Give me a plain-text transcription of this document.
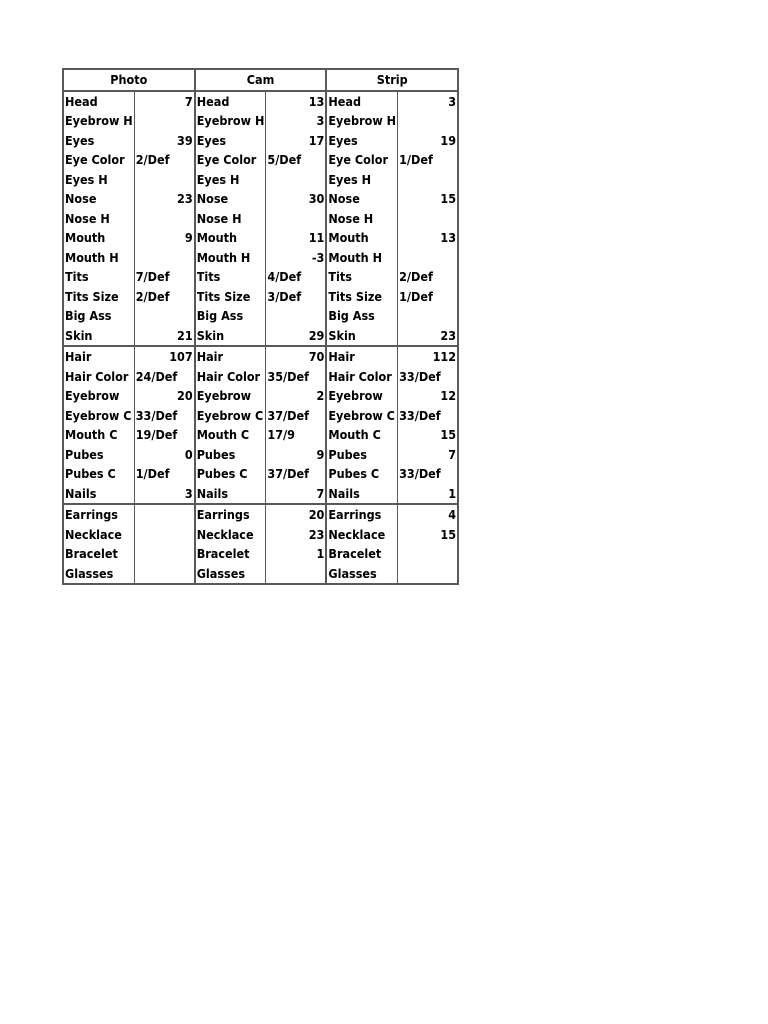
Photo		Cam		Strip	

Head	7	Head	13	Head	3

Eyebrow H		Eyebrow H	3	Eyebrow H	

Eyes	39	Eyes	17	Eyes	19

Eye Color	2/Def	Eye Color	5/Def	Eye Color	1/Def

Eyes H		Eyes H		Eyes H	

Nose	23	Nose	30	Nose	15

Nose H		Nose H		Nose H	

Mouth	9	Mouth	11	Mouth	13

Mouth H		Mouth H	-3	Mouth H	

Tits	7/Def	Tits	4/Def	Tits	2/Def

Tits Size	2/Def	Tits Size	3/Def	Tits Size	1/Def

Big Ass		Big Ass		Big Ass	

Skin	21	Skin	29	Skin	23

Hair	107	Hair	70	Hair	112

Hair Color	24/Def	Hair Color	35/Def	Hair Color	33/Def

Eyebrow	20	Eyebrow	2	Eyebrow	12

Eyebrow C	33/Def	Eyebrow C	37/Def	Eyebrow C	33/Def

Mouth C	19/Def	Mouth C	17/9	Mouth C	15

Pubes	0	Pubes	9	Pubes	7

Pubes C	1/Def	Pubes C	37/Def	Pubes C	33/Def

Nails	3	Nails	7	Nails	1

Earrings		Earrings	20	Earrings	4

Necklace		Necklace	23	Necklace	15

Bracelet		Bracelet	1	Bracelet	

Glasses		Glasses		Glasses	
